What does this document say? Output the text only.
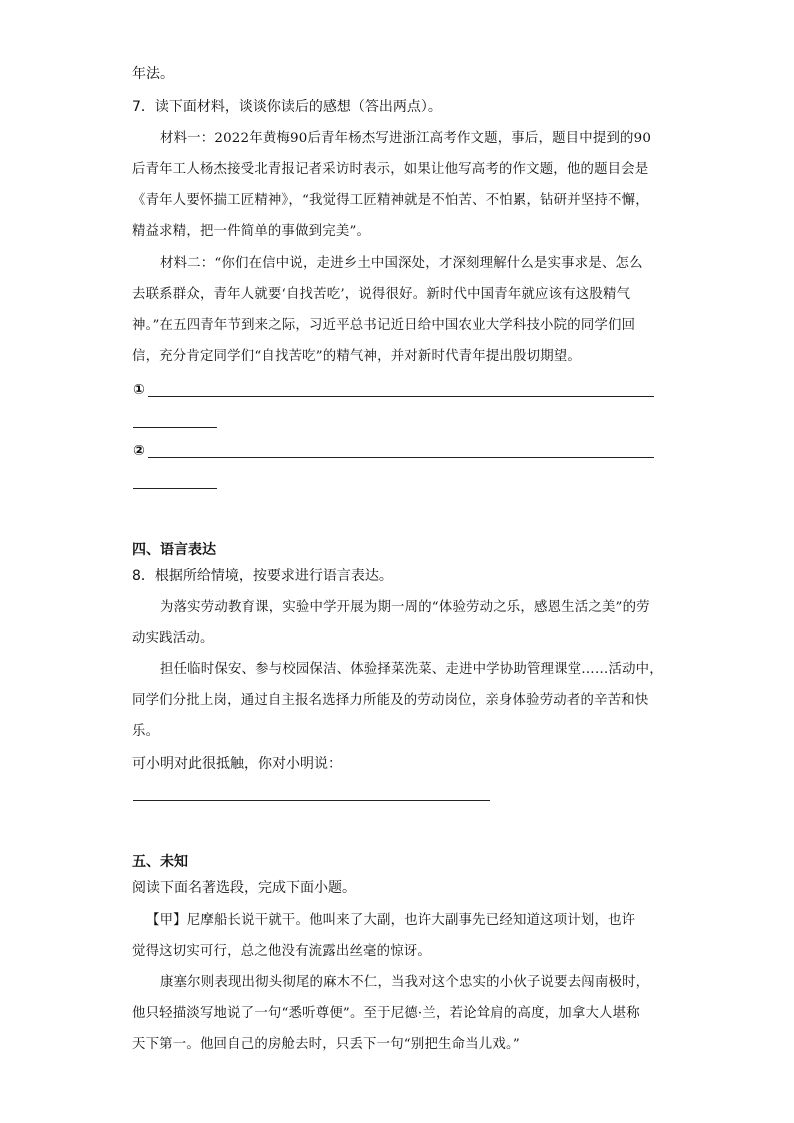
年法。
7．读下面材料，谈谈你读后的感想（答出两点）。
材料一：2022年黄梅90后青年杨杰写进浙江高考作文题，事后，题目中提到的90
后青年工人杨杰接受北青报记者采访时表示，如果让他写高考的作文题，他的题目会是
《青年人要怀揣工匠精神》，“我觉得工匠精神就是不怕苦、不怕累，钻研并坚持不懈，
精益求精，把一件简单的事做到完美”。
材料二：“你们在信中说，走进乡土中国深处，才深刻理解什么是实事求是、怎么
去联系群众，青年人就要‘自找苦吃’，说得很好。新时代中国青年就应该有这股精气
神。”在五四青年节到来之际，习近平总书记近日给中国农业大学科技小院的同学们回
信，充分肯定同学们“自找苦吃”的精气神，并对新时代青年提出殷切期望。
①
②
四、语言表达
8．根据所给情境，按要求进行语言表达。
为落实劳动教育课，实验中学开展为期一周的“体验劳动之乐，感恩生活之美”的劳
动实践活动。
担任临时保安、参与校园保洁、体验择菜洗菜、走进中学协助管理课堂……活动中，
同学们分批上岗，通过自主报名选择力所能及的劳动岗位，亲身体验劳动者的辛苦和快
乐。
可小明对此很抵触，你对小明说：
五、未知
阅读下面名著选段，完成下面小题。
【甲】尼摩船长说干就干。他叫来了大副，也许大副事先已经知道这项计划，也许
觉得这切实可行，总之他没有流露出丝毫的惊讶。
康塞尔则表现出彻头彻尾的麻木不仁，当我对这个忠实的小伙子说要去闯南极时，
他只轻描淡写地说了一句“悉听尊便”。至于尼德·兰，若论耸肩的高度，加拿大人堪称
天下第一。他回自己的房舱去时，只丢下一句“别把生命当儿戏。”
